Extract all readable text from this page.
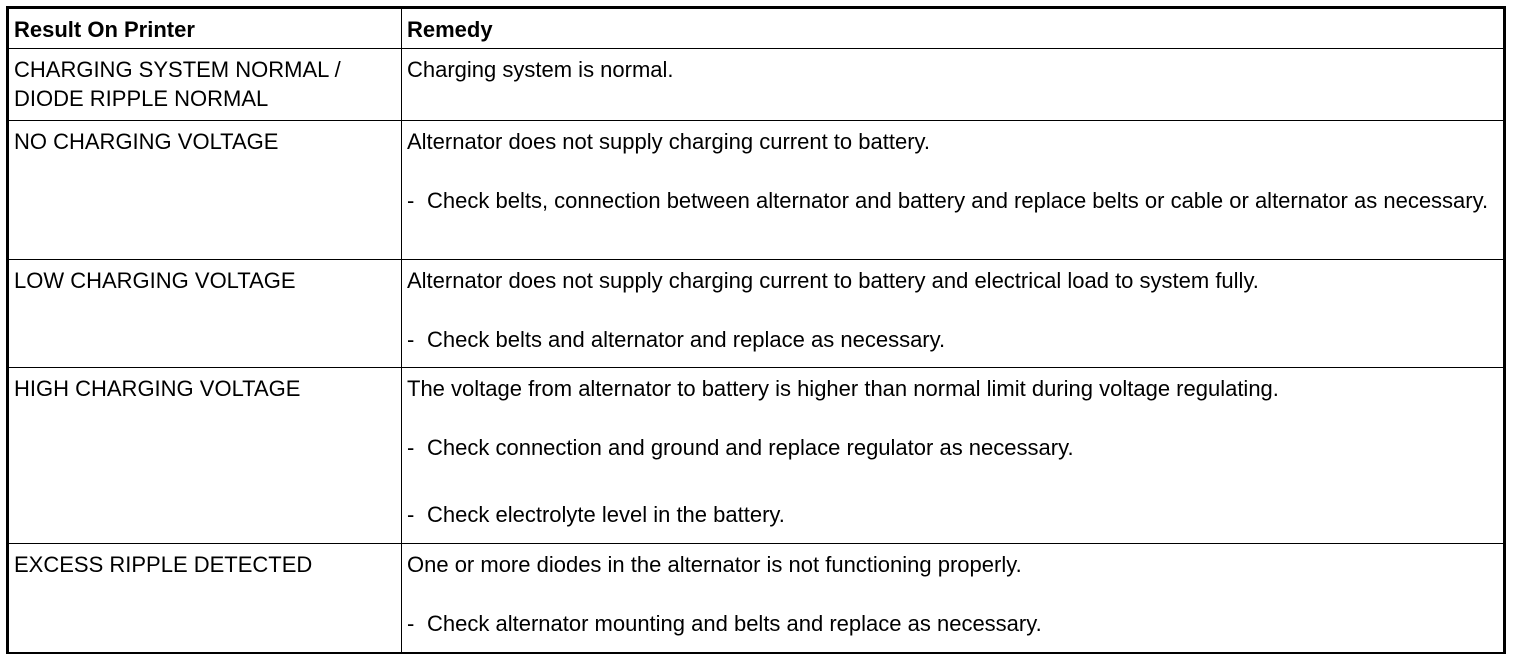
Result On Printer	Remedy
CHARGING SYSTEM NORMAL / DIODE RIPPLE NORMAL	Charging system is normal.

NO CHARGING VOLTAGE	Alternator does not supply charging current to battery.

- Check belts, connection between alternator and battery and replace belts or cable or alternator as necessary.

LOW CHARGING VOLTAGE	Alternator does not supply charging current to battery and electrical load to system fully.

- Check belts and alternator and replace as necessary.

HIGH CHARGING VOLTAGE	The voltage from alternator to battery is higher than normal limit during voltage regulating.

- Check connection and ground and replace regulator as necessary.

- Check electrolyte level in the battery.

EXCESS RIPPLE DETECTED	One or more diodes in the alternator is not functioning properly.

- Check alternator mounting and belts and replace as necessary.
